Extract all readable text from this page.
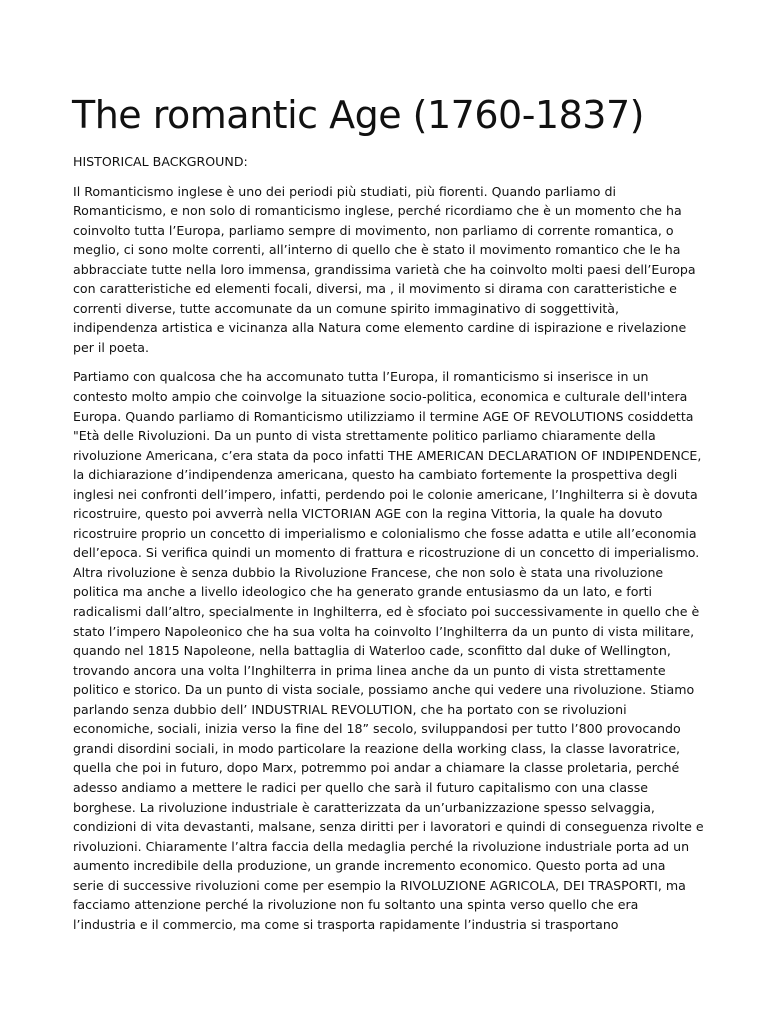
The romantic Age (1760-1837)
HISTORICAL BACKGROUND:
Il Romanticismo inglese è uno dei periodi più studiati, più fiorenti. Quando parliamo di
Romanticismo, e non solo di romanticismo inglese, perché ricordiamo che è un momento che ha
coinvolto tutta l’Europa, parliamo sempre di movimento, non parliamo di corrente romantica, o
meglio, ci sono molte correnti, all’interno di quello che è stato il movimento romantico che le ha
abbracciate tutte nella loro immensa, grandissima varietà che ha coinvolto molti paesi dell’Europa
con caratteristiche ed elementi focali, diversi, ma , il movimento si dirama con caratteristiche e
correnti diverse, tutte accomunate da un comune spirito immaginativo di soggettività,
indipendenza artistica e vicinanza alla Natura come elemento cardine di ispirazione e rivelazione
per il poeta.
Partiamo con qualcosa che ha accomunato tutta l’Europa, il romanticismo si inserisce in un
contesto molto ampio che coinvolge la situazione socio-politica, economica e culturale dell'intera
Europa. Quando parliamo di Romanticismo utilizziamo il termine AGE OF REVOLUTIONS cosiddetta
"Età delle Rivoluzioni. Da un punto di vista strettamente politico parliamo chiaramente della
rivoluzione Americana, c’era stata da poco infatti THE AMERICAN DECLARATION OF INDIPENDENCE,
la dichiarazione d’indipendenza americana, questo ha cambiato fortemente la prospettiva degli
inglesi nei confronti dell’impero, infatti, perdendo poi le colonie americane, l’Inghilterra si è dovuta
ricostruire, questo poi avverrà nella VICTORIAN AGE con la regina Vittoria, la quale ha dovuto
ricostruire proprio un concetto di imperialismo e colonialismo che fosse adatta e utile all’economia
dell’epoca. Si verifica quindi un momento di frattura e ricostruzione di un concetto di imperialismo.
Altra rivoluzione è senza dubbio la Rivoluzione Francese, che non solo è stata una rivoluzione
politica ma anche a livello ideologico che ha generato grande entusiasmo da un lato, e forti
radicalismi dall’altro, specialmente in Inghilterra, ed è sfociato poi successivamente in quello che è
stato l’impero Napoleonico che ha sua volta ha coinvolto l’Inghilterra da un punto di vista militare,
quando nel 1815 Napoleone, nella battaglia di Waterloo cade, sconfitto dal duke of Wellington,
trovando ancora una volta l’Inghilterra in prima linea anche da un punto di vista strettamente
politico e storico. Da un punto di vista sociale, possiamo anche qui vedere una rivoluzione. Stiamo
parlando senza dubbio dell’ INDUSTRIAL REVOLUTION, che ha portato con se rivoluzioni
economiche, sociali, inizia verso la fine del 18” secolo, sviluppandosi per tutto l’800 provocando
grandi disordini sociali, in modo particolare la reazione della working class, la classe lavoratrice,
quella che poi in futuro, dopo Marx, potremmo poi andar a chiamare la classe proletaria, perché
adesso andiamo a mettere le radici per quello che sarà il futuro capitalismo con una classe
borghese. La rivoluzione industriale è caratterizzata da un’urbanizzazione spesso selvaggia,
condizioni di vita devastanti, malsane, senza diritti per i lavoratori e quindi di conseguenza rivolte e
rivoluzioni. Chiaramente l’altra faccia della medaglia perché la rivoluzione industriale porta ad un
aumento incredibile della produzione, un grande incremento economico. Questo porta ad una
serie di successive rivoluzioni come per esempio la RIVOLUZIONE AGRICOLA, DEI TRASPORTI, ma
facciamo attenzione perché la rivoluzione non fu soltanto una spinta verso quello che era
l’industria e il commercio, ma come si trasporta rapidamente l’industria si trasportano
